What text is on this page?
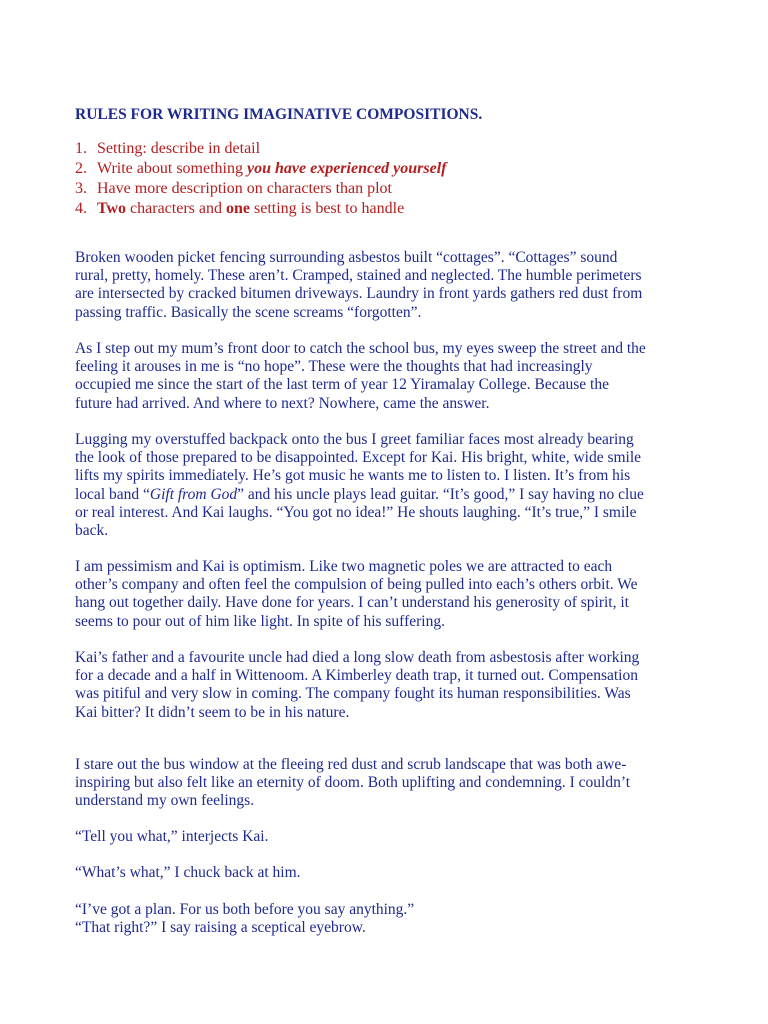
RULES FOR WRITING IMAGINATIVE COMPOSITIONS.
1. Setting: describe in detail
2. Write about something you have experienced yourself
3. Have more description on characters than plot
4. Two characters and one setting is best to handle
Broken wooden picket fencing surrounding asbestos built “cottages”. “Cottages” sound
rural, pretty, homely. These aren’t. Cramped, stained and neglected. The humble perimeters
are intersected by cracked bitumen driveways. Laundry in front yards gathers red dust from
passing traffic. Basically the scene screams “forgotten”.
As I step out my mum’s front door to catch the school bus, my eyes sweep the street and the
feeling it arouses in me is “no hope”. These were the thoughts that had increasingly
occupied me since the start of the last term of year 12 Yiramalay College. Because the
future had arrived. And where to next? Nowhere, came the answer.
Lugging my overstuffed backpack onto the bus I greet familiar faces most already bearing
the look of those prepared to be disappointed. Except for Kai. His bright, white, wide smile
lifts my spirits immediately. He’s got music he wants me to listen to. I listen. It’s from his
local band “Gift from God” and his uncle plays lead guitar. “It’s good,” I say having no clue
or real interest. And Kai laughs. “You got no idea!” He shouts laughing. “It’s true,” I smile
back.
I am pessimism and Kai is optimism. Like two magnetic poles we are attracted to each
other’s company and often feel the compulsion of being pulled into each’s others orbit. We
hang out together daily. Have done for years. I can’t understand his generosity of spirit, it
seems to pour out of him like light. In spite of his suffering.
Kai’s father and a favourite uncle had died a long slow death from asbestosis after working
for a decade and a half in Wittenoom. A Kimberley death trap, it turned out. Compensation
was pitiful and very slow in coming. The company fought its human responsibilities. Was
Kai bitter? It didn’t seem to be in his nature.
I stare out the bus window at the fleeing red dust and scrub landscape that was both awe-
inspiring but also felt like an eternity of doom. Both uplifting and condemning. I couldn’t
understand my own feelings.
“Tell you what,” interjects Kai.
“What’s what,” I chuck back at him.
“I’ve got a plan. For us both before you say anything.”
“That right?” I say raising a sceptical eyebrow.
